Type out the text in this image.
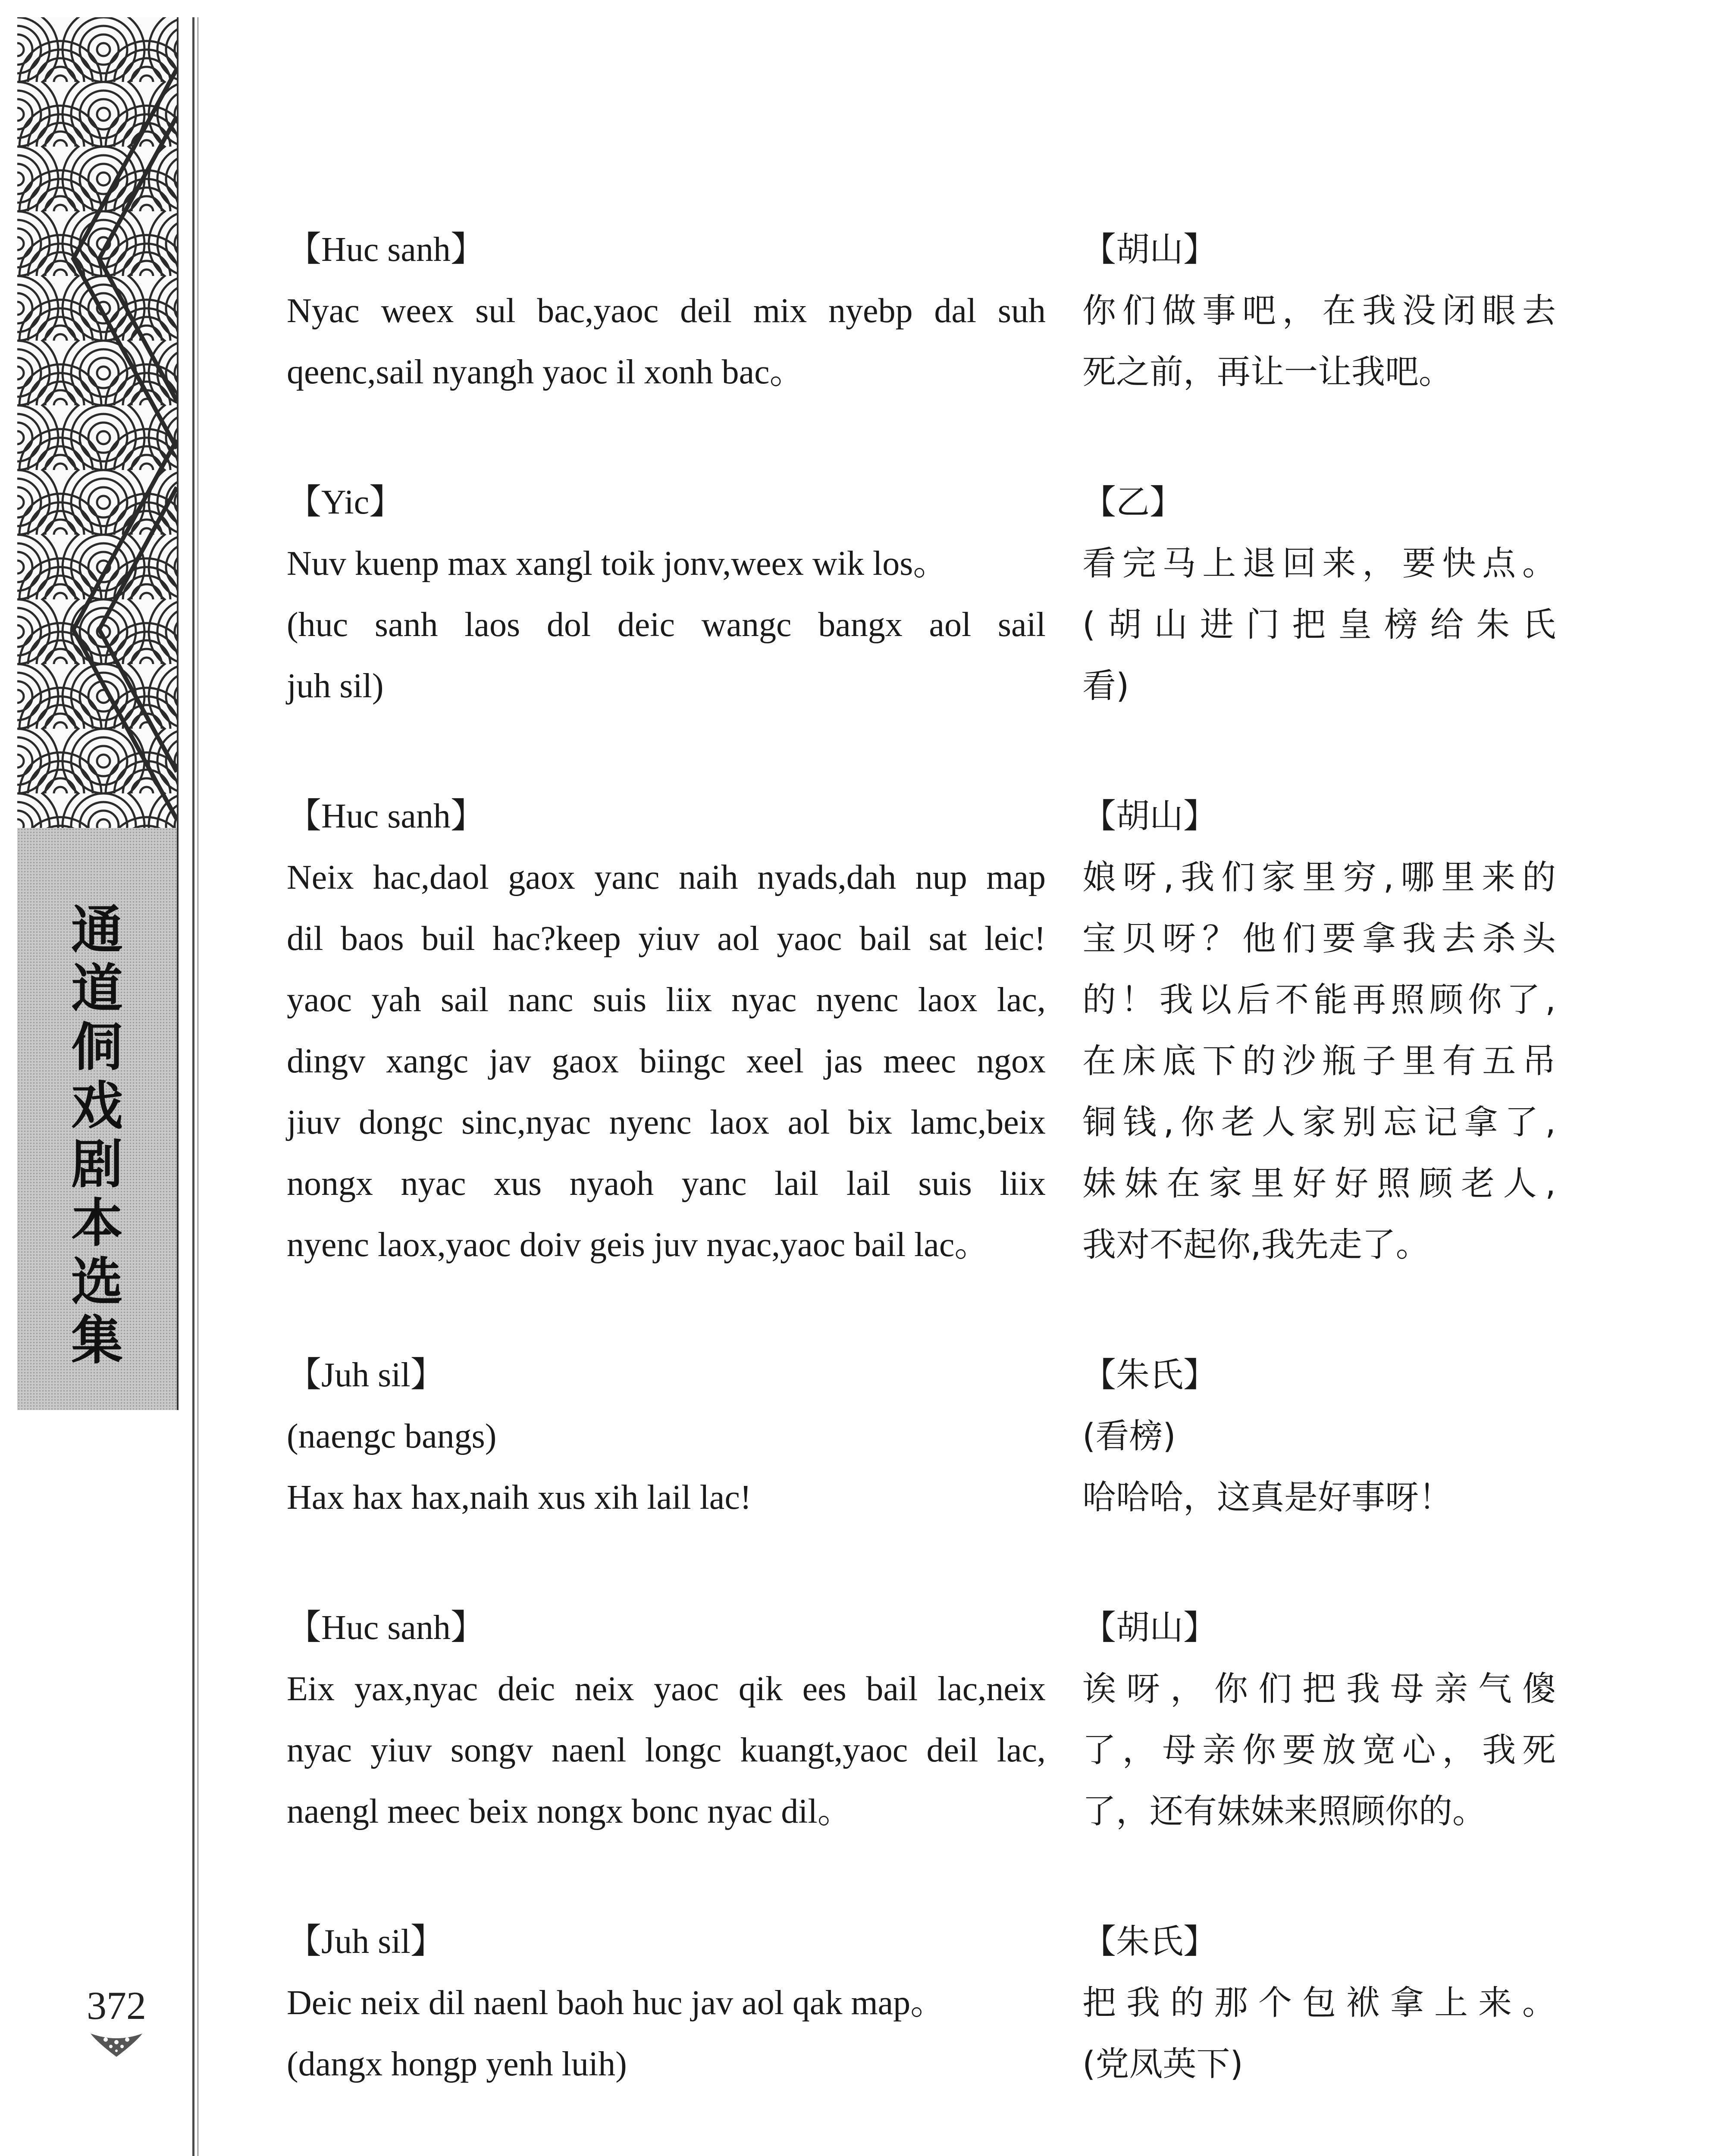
通
道
侗
戏
剧
本
选
集
372
【Huc sanh】
Nyac weex sul bac,yaoc deil mix nyebp dal suh
qeenc,sail nyangh yaoc il xonh bac。
【Yic】
Nuv kuenp max xangl toik jonv,weex wik los。
(huc sanh laos dol deic wangc bangx aol sail
juh sil)
【Huc sanh】
Neix hac,daol gaox yanc naih nyads,dah nup map
dil baos buil hac?keep yiuv aol yaoc bail sat leic!
yaoc yah sail nanc suis liix nyac nyenc laox lac,
dingv xangc jav gaox biingc xeel jas meec ngox
jiuv dongc sinc,nyac nyenc laox aol bix lamc,beix
nongx nyac xus nyaoh yanc lail lail suis liix
nyenc laox,yaoc doiv geis juv nyac,yaoc bail lac。
【Juh sil】
(naengc bangs)
Hax hax hax,naih xus xih lail lac!
【Huc sanh】
Eix yax,nyac deic neix yaoc qik ees bail lac,neix
nyac yiuv songv naenl longc kuangt,yaoc deil lac,
naengl meec beix nongx bonc nyac dil。
【Juh sil】
Deic neix dil naenl baoh huc jav aol qak map。
(dangx hongp yenh luih)
【胡山】
你们做事吧，在我没闭眼去
死之前，再让一让我吧。
【乙】
看完马上退回来，要快点。
(胡山进门把皇榜给朱氏
看)
【胡山】
娘呀,我们家里穷,哪里来的
宝贝呀？他们要拿我去杀头
的！我以后不能再照顾你了,
在床底下的沙瓶子里有五吊
铜钱,你老人家别忘记拿了,
妹妹在家里好好照顾老人,
我对不起你,我先走了。
【朱氏】
(看榜)
哈哈哈，这真是好事呀！
【胡山】
诶呀，你们把我母亲气傻
了，母亲你要放宽心，我死
了，还有妹妹来照顾你的。
【朱氏】
把我的那个包袱拿上来。
(党凤英下)
